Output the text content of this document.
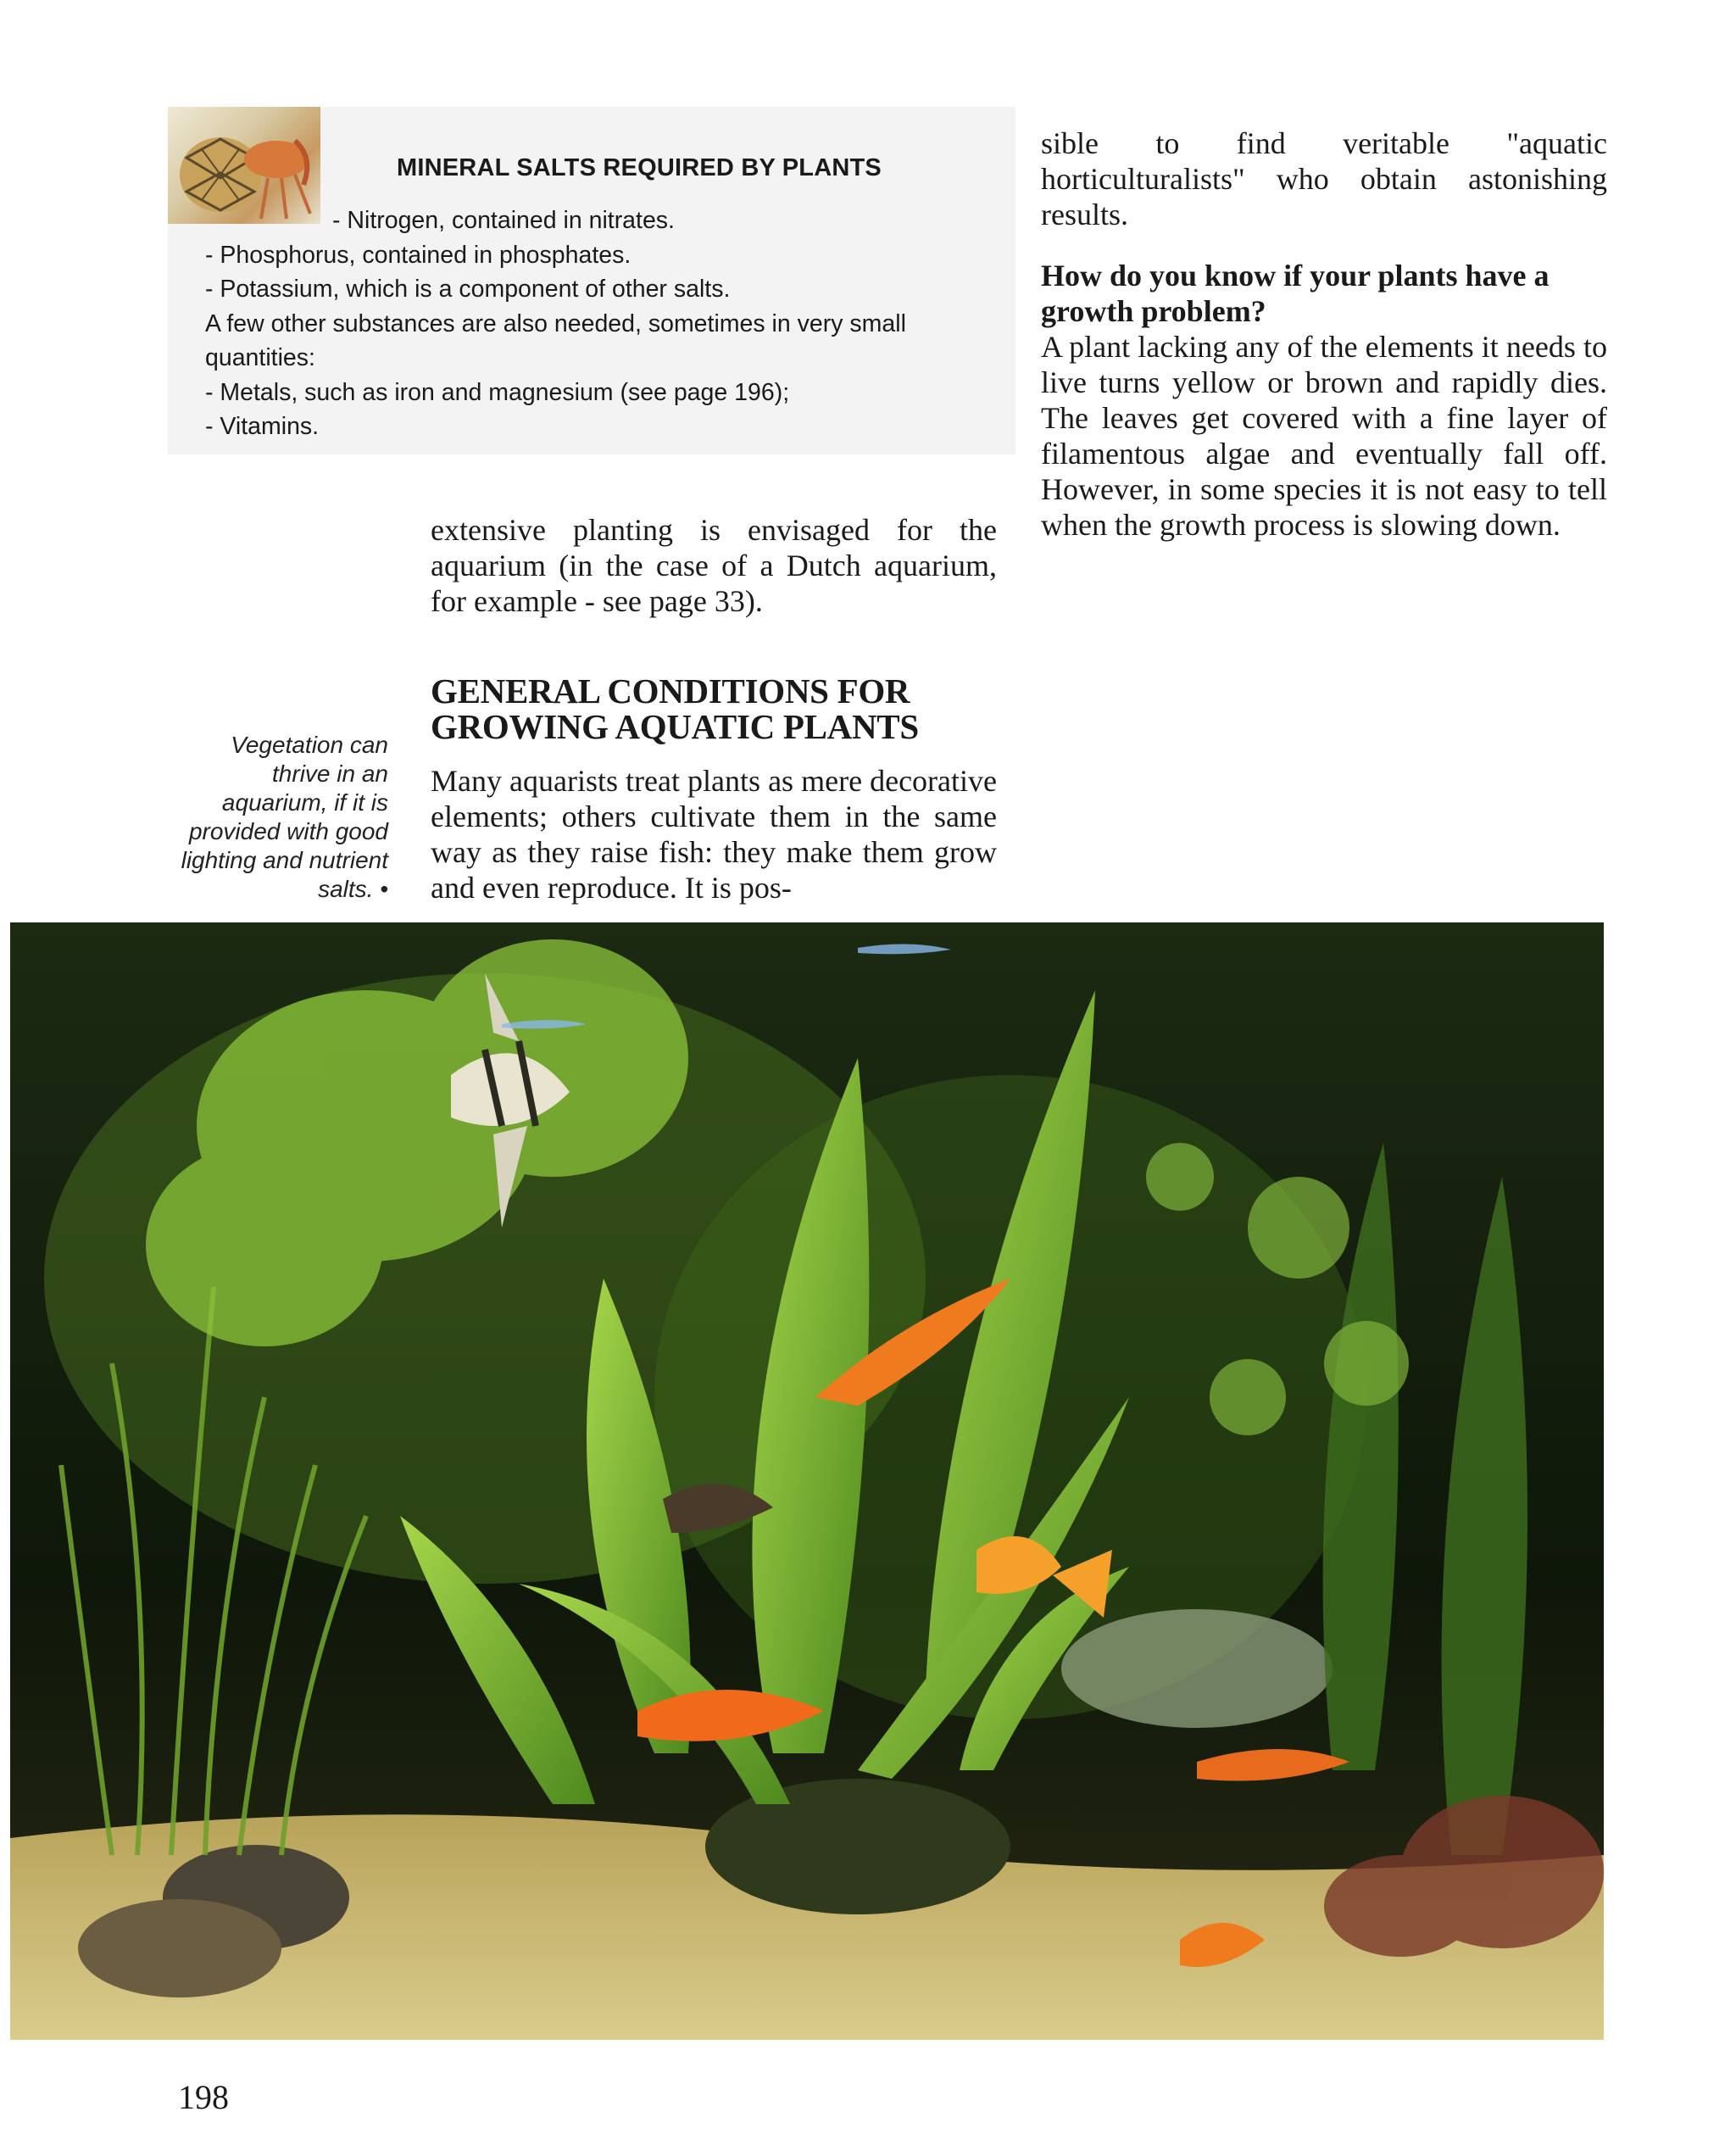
MINERAL SALTS REQUIRED BY PLANTS
- Nitrogen, contained in nitrates.
- Phosphorus, contained in phosphates.
- Potassium, which is a component of other salts.
A few other substances are also needed, sometimes in very small
quantities:
- Metals, such as iron and magnesium (see page 196);
- Vitamins.

extensive planting is envisaged for the aquarium (in the case of a Dutch aquarium, for example - see page 33).

GENERAL CONDITIONS FOR
GROWING AQUATIC PLANTS

Many aquarists treat plants as mere decorative elements; others cultivate them in the same way as they raise fish: they make them grow and even reproduce. It is pos-

sible to find veritable "aquatic horticulturalists" who obtain astonishing results.

How do you know if your plants have a growth problem?

A plant lacking any of the elements it needs to live turns yellow or brown and rapidly dies. The leaves get covered with a fine layer of filamentous algae and eventually fall off. However, in some species it is not easy to tell when the growth process is slowing down.

Vegetation can thrive in an aquarium, if it is provided with good lighting and nutrient salts. •
198
